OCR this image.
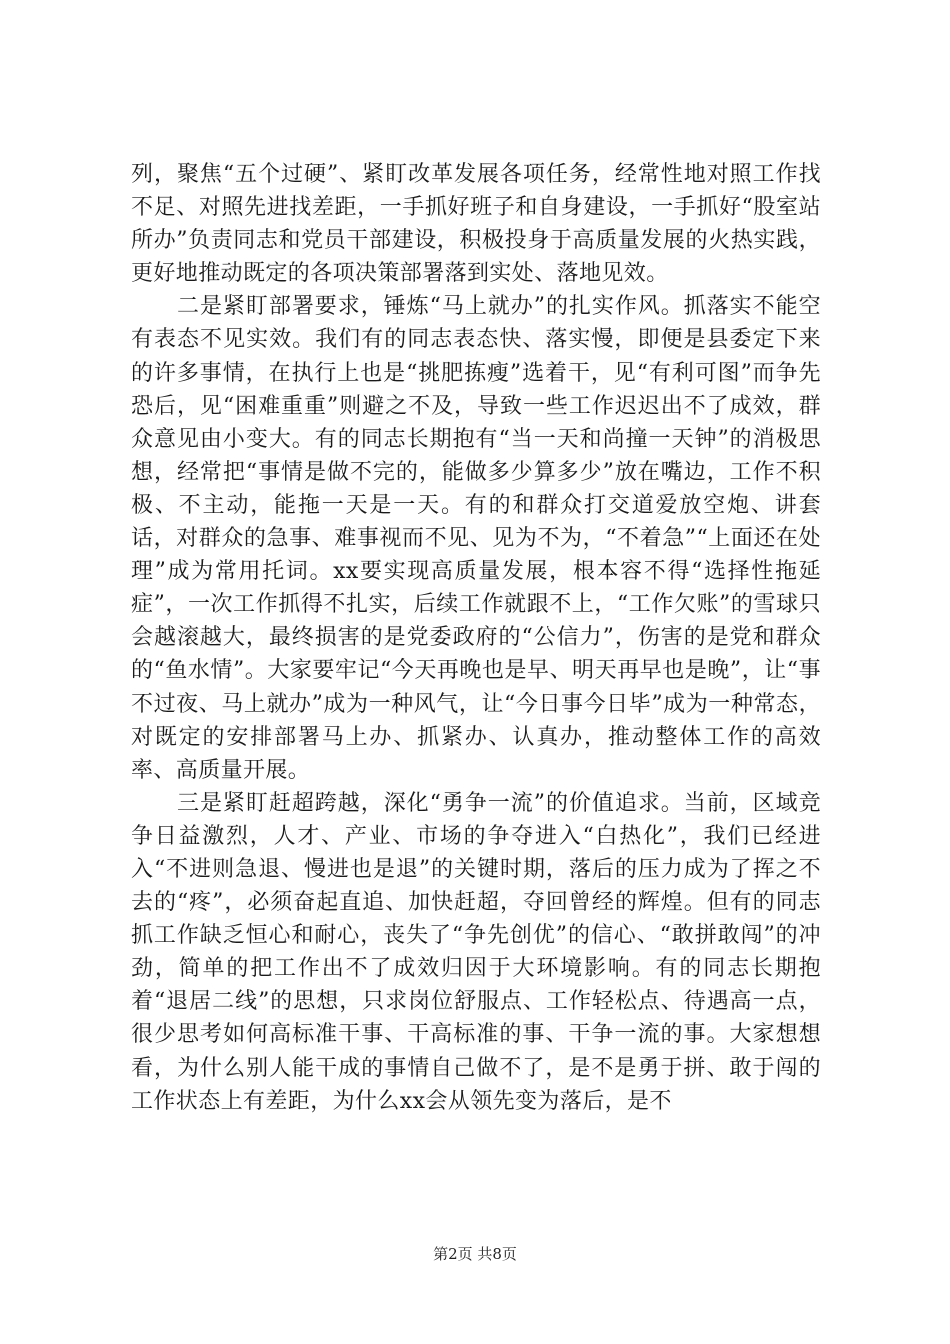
列，聚焦“五个过硬”、紧盯改革发展各项任务，经常性地对照工作找不足、对照先进找差距，一手抓好班子和自身建设，一手抓好“股室站所办”负责同志和党员干部建设，积极投身于高质量发展的火热实践，更好地推动既定的各项决策部署落到实处、落地见效。

二是紧盯部署要求，锤炼“马上就办”的扎实作风。抓落实不能空有表态不见实效。我们有的同志表态快、落实慢，即便是县委定下来的许多事情，在执行上也是“挑肥拣瘦”选着干，见“有利可图”而争先恐后，见“困难重重”则避之不及，导致一些工作迟迟出不了成效，群众意见由小变大。有的同志长期抱有“当一天和尚撞一天钟”的消极思想，经常把“事情是做不完的，能做多少算多少”放在嘴边，工作不积极、不主动，能拖一天是一天。有的和群众打交道爱放空炮、讲套话，对群众的急事、难事视而不见、见为不为，“不着急”“上面还在处理”成为常用托词。xx要实现高质量发展，根本容不得“选择性拖延症”，一次工作抓得不扎实，后续工作就跟不上，“工作欠账”的雪球只会越滚越大，最终损害的是党委政府的“公信力”，伤害的是党和群众的“鱼水情”。大家要牢记“今天再晚也是早、明天再早也是晚”，让“事不过夜、马上就办”成为一种风气，让“今日事今日毕”成为一种常态，对既定的安排部署马上办、抓紧办、认真办，推动整体工作的高效率、高质量开展。

三是紧盯赶超跨越，深化“勇争一流”的价值追求。当前，区域竞争日益激烈，人才、产业、市场的争夺进入“白热化”，我们已经进入“不进则急退、慢进也是退”的关键时期，落后的压力成为了挥之不去的“疼”，必须奋起直追、加快赶超，夺回曾经的辉煌。但有的同志抓工作缺乏恒心和耐心，丧失了“争先创优”的信心、“敢拼敢闯”的冲劲，简单的把工作出不了成效归因于大环境影响。有的同志长期抱着“退居二线”的思想，只求岗位舒服点、工作轻松点、待遇高一点，很少思考如何高标准干事、干高标准的事、干争一流的事。大家想想看，为什么别人能干成的事情自己做不了，是不是勇于拼、敢于闯的工作状态上有差距，为什么xx会从领先变为落后，是不

第2页 共8页
